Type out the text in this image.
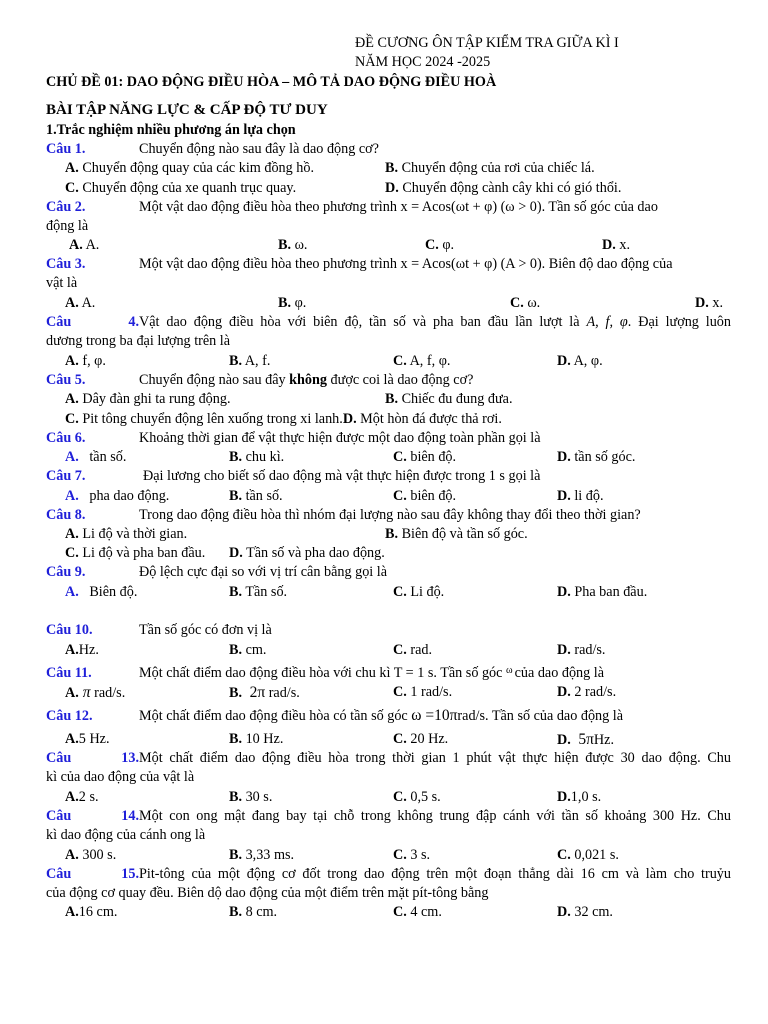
ĐỀ CƯƠNG ÔN TẬP KIỂM TRA GIỮA KÌ I
NĂM HỌC 2024 -2025
CHỦ ĐỀ 01: DAO ĐỘNG ĐIỀU HÒA – MÔ TẢ DAO ĐỘNG ĐIỀU HOÀ
BÀI TẬP NĂNG LỰC & CẤP ĐỘ TƯ DUY
1.Trắc nghiệm nhiều phương án lựa chọn
Câu 1.	Chuyển động nào sau đây là dao động cơ?
A. Chuyển động quay của các kim đồng hồ.	B. Chuyển động của rơi của chiếc lá.
C. Chuyển động của xe quanh trục quay.	D. Chuyển động cành cây khi có gió thổi.
Câu 2.	Một vật dao động điều hòa theo phương trình x = Acos(ωt + φ) (ω > 0). Tần số góc của dao
động là
A. A.	B. ω.	C. φ.	D. x.
Câu 3.	Một vật dao động điều hòa theo phương trình x = Acos(ωt + φ) (A > 0). Biên độ dao động của
vật là
A. A.	B. φ.	C. ω.	D. x.
Câu 4.Vật dao động điều hòa với biên độ, tần số và pha ban đầu lần lượt là A, f, φ. Đại lượng luôn
dương trong ba đại lượng trên là
A. f, φ.	B. A, f.	C. A, f, φ.	D. A, φ.
Câu 5.	Chuyển động nào sau đây không được coi là dao động cơ?
A. Dây đàn ghi ta rung động.	B. Chiếc đu đung đưa.
C. Pit tông chuyển động lên xuống trong xi lanh.D. Một hòn đá được thả rơi.
Câu 6.	Khoảng thời gian để vật thực hiện được một dao động toàn phần gọi là
A. tần số.	B. chu kì.	C. biên độ.	D. tần số góc.
Câu 7.	Đại lương cho biết số dao động mà vật thực hiện được trong 1 s gọi là
A. pha dao động.	B. tần số.	C. biên độ.	D. li độ.
Câu 8.	Trong dao động điều hòa thì nhóm đại lượng nào sau đây không thay đổi theo thời gian?
A. Li độ và thời gian.	B. Biên độ và tần số góc.
C. Li độ và pha ban đầu. D. Tần số và pha dao động.
Câu 9.	Độ lệch cực đại so với vị trí cân bằng gọi là
A. Biên độ.	B. Tần số.	C. Li độ.	D. Pha ban đầu.
Câu 10.	Tần số góc có đơn vị là
A.Hz.	B. cm.	C. rad.	D. rad/s.
Câu 11.	Một chất điểm dao động điều hòa với chu kì T = 1 s. Tần số góc $^\omega$ của dao động là
A. π rad/s.	B. 2π rad/s.	C. 1 rad/s.	D. 2 rad/s.
Câu 12.	Một chất điểm dao động điều hòa có tần số góc ω =10πrad/s. Tần số của dao động là
A.5 Hz.	B. 10 Hz.	C. 20 Hz.	D. 5πHz.
Câu 13.Một chất điểm dao động điều hòa trong thời gian 1 phút vật thực hiện được 30 dao động. Chu
kì của dao động của vật là
A.2 s.	B. 30 s.	C. 0,5 s.	D.1,0 s.
Câu 14.Một con ong mật đang bay tại chỗ trong không trung đập cánh với tần số khoảng 300 Hz. Chu
kì dao động của cánh ong là
A. 300 s.	B. 3,33 ms.	C. 3 s.	C. 0,021 s.
Câu 15.Pit-tông của một động cơ đốt trong dao động trên một đoạn thẳng dài 16 cm và làm cho truỷu
của động cơ quay đều. Biên dộ dao động của một điểm trên mặt pít-tông bằng
A.16 cm.	B. 8 cm.	C. 4 cm.	D. 32 cm.
